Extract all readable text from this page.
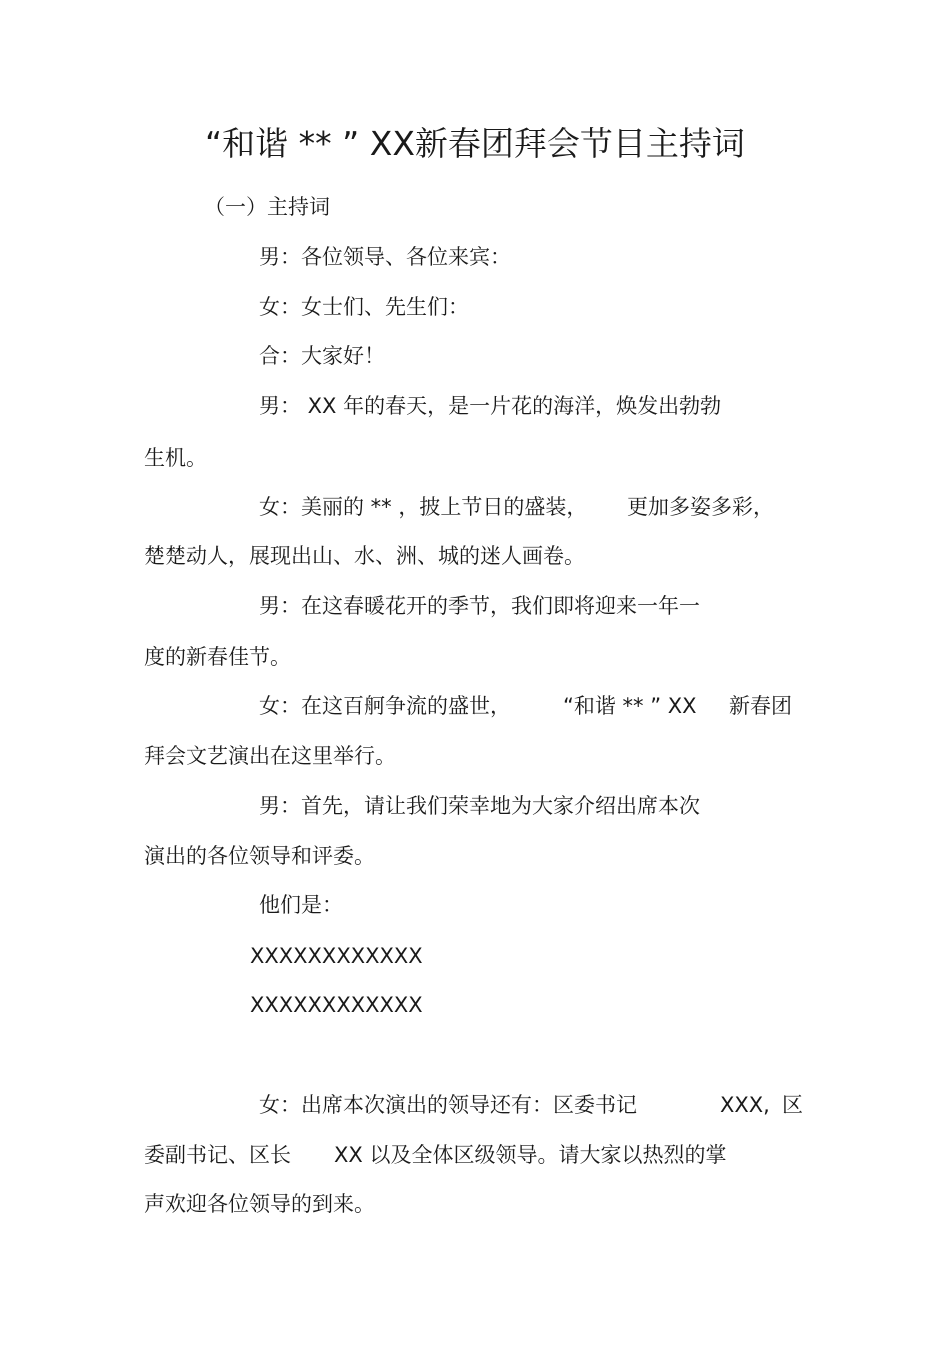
“和谐 ** ” XX新春团拜会节目主持词
（一）主持词
男：各位领导、各位来宾：
女：女士们、先生们：
合：大家好！
男： XX 年的春天，是一片花的海洋，焕发出勃勃
生机。
女：美丽的 ** ，披上节日的盛装， 更加多姿多彩，
楚楚动人，展现出山、水、洲、城的迷人画卷。
男：在这春暖花开的季节，我们即将迎来一年一
度的新春佳节。
女：在这百舸争流的盛世， “和谐 ** ” XX 新春团
拜会文艺演出在这里举行。
男：首先，请让我们荣幸地为大家介绍出席本次
演出的各位领导和评委。
他们是：
XXXXXXXXXXXX
XXXXXXXXXXXX
女：出席本次演出的领导还有：区委书记	XXX, 区
委副书记、区长 XX 以及全体区级领导。请大家以热烈的掌
声欢迎各位领导的到来。
